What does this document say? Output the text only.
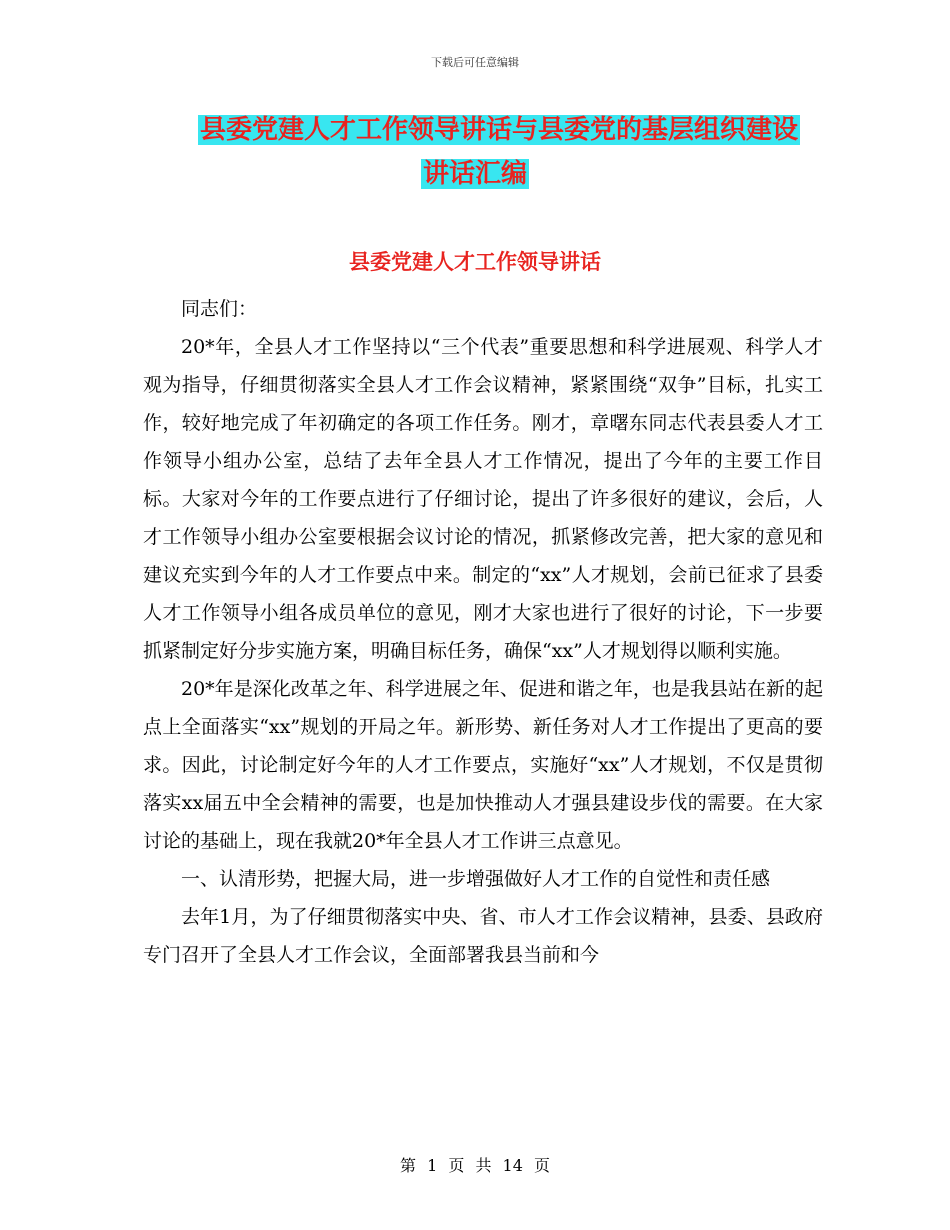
下载后可任意编辑
县委党建人才工作领导讲话与县委党的基层组织建设
讲话汇编
县委党建人才工作领导讲话

同志们：

20*年，全县人才工作坚持以“三个代表”重要思想和科学进展观、科学人才观为指导，仔细贯彻落实全县人才工作会议精神，紧紧围绕“双争”目标，扎实工作，较好地完成了年初确定的各项工作任务。刚才，章曙东同志代表县委人才工作领导小组办公室，总结了去年全县人才工作情况，提出了今年的主要工作目标。大家对今年的工作要点进行了仔细讨论，提出了许多很好的建议，会后，人才工作领导小组办公室要根据会议讨论的情况，抓紧修改完善，把大家的意见和建议充实到今年的人才工作要点中来。制定的“xx”人才规划，会前已征求了县委人才工作领导小组各成员单位的意见，刚才大家也进行了很好的讨论，下一步要抓紧制定好分步实施方案，明确目标任务，确保“xx”人才规划得以顺利实施。

20*年是深化改革之年、科学进展之年、促进和谐之年，也是我县站在新的起点上全面落实“xx”规划的开局之年。新形势、新任务对人才工作提出了更高的要求。因此，讨论制定好今年的人才工作要点，实施好“xx”人才规划，不仅是贯彻落实xx届五中全会精神的需要，也是加快推动人才强县建设步伐的需要。在大家讨论的基础上，现在我就20*年全县人才工作讲三点意见。

一、认清形势，把握大局，进一步增强做好人才工作的自觉性和责任感

去年1月，为了仔细贯彻落实中央、省、市人才工作会议精神，县委、县政府专门召开了全县人才工作会议，全面部署我县当前和今

第 1 页 共 14 页
